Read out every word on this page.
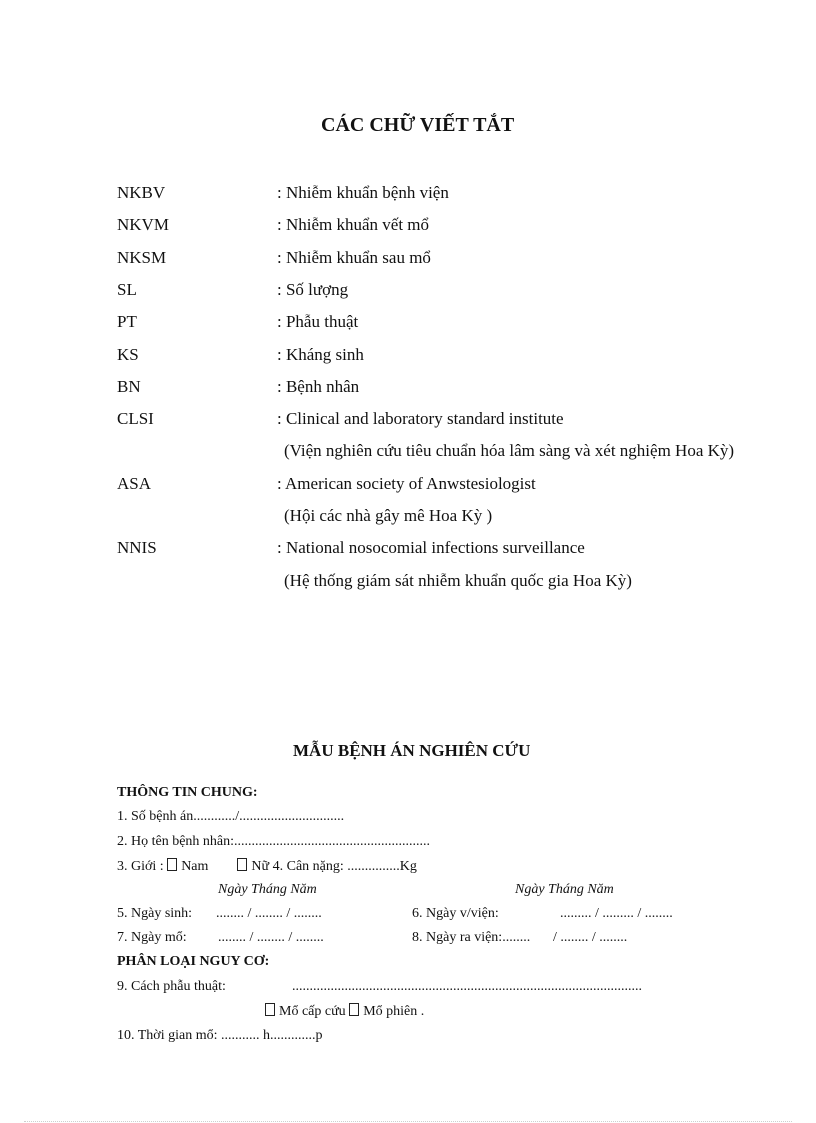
CÁC CHỮ VIẾT TẮT
NKBV	: Nhiễm khuẩn bệnh viện
NKVM	: Nhiễm khuẩn vết mổ
NKSM	: Nhiễm khuẩn sau mổ
SL	: Số lượng
PT	: Phẫu thuật
KS	: Kháng sinh
BN	: Bệnh nhân
CLSI	: Clinical and laboratory standard institute
(Viện nghiên cứu tiêu chuẩn hóa lâm sàng và xét nghiệm Hoa Kỳ)
ASA	: American society of Anwstesiologist
(Hội các nhà gây mê Hoa Kỳ )
NNIS	: National nosocomial infections surveillance
(Hệ thống giám sát nhiễm khuẩn quốc gia Hoa Kỳ)
MẪU BỆNH ÁN NGHIÊN CỨU
THÔNG TIN CHUNG:
1. Số bệnh án............/..............................
2. Họ tên bệnh nhân:........................................................
3. Giới : Nam	Nữ 4. Cân nặng: ...............Kg
Ngày Tháng Năm	Ngày Tháng Năm
5. Ngày sinh: ........ / ........ / ........	6. Ngày v/viện:	......... / ......... / ........
7. Ngày mổ: ........ / ........ / ........	8. Ngày ra viện:........ / ........ / ........
PHÂN LOẠI NGUY CƠ:
9. Cách phẫu thuật:	....................................................................................................
Mổ cấp cứu Mổ phiên .
10. Thời gian mổ: ........... h.............p
